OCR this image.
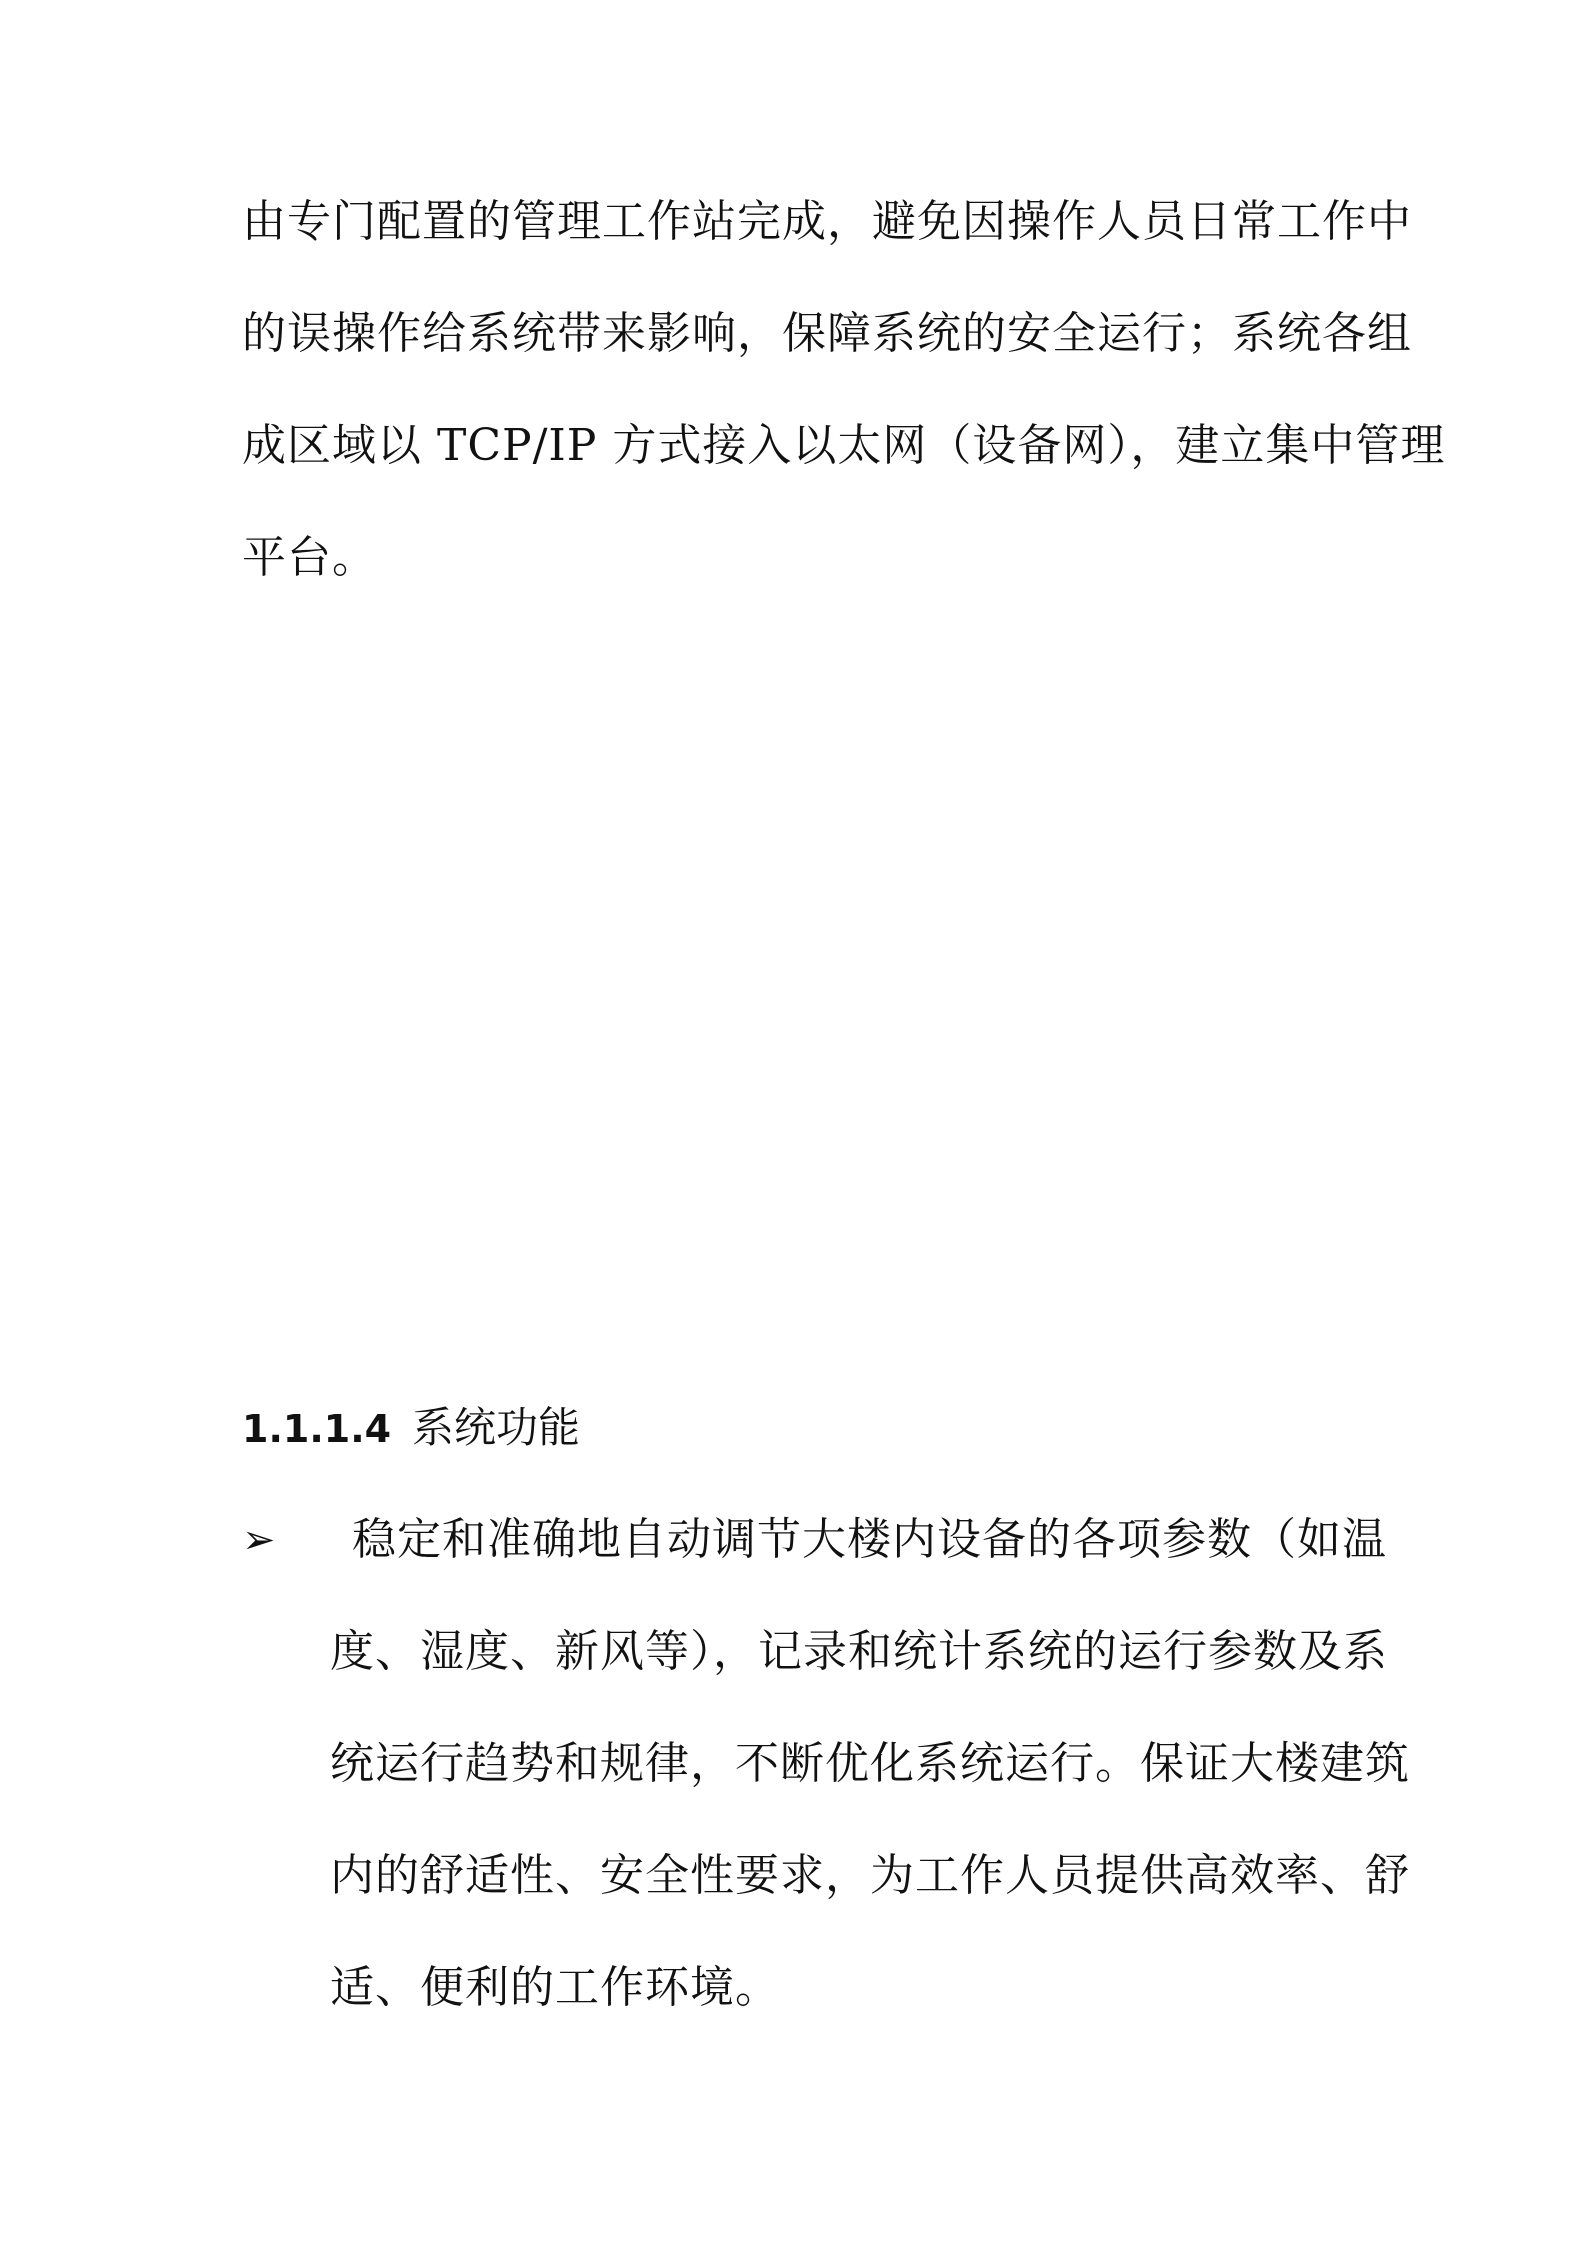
由专门配置的管理工作站完成，避免因操作人员日常工作中
的误操作给系统带来影响，保障系统的安全运行；系统各组
成区域以 TCP/IP 方式接入以太网（设备网），建立集中管理
平台。
1.1.1.4 系统功能
➢ 稳定和准确地自动调节大楼内设备的各项参数（如温
度、湿度、新风等），记录和统计系统的运行参数及系
统运行趋势和规律，不断优化系统运行。保证大楼建筑
内的舒适性、安全性要求，为工作人员提供高效率、舒
适、便利的工作环境。
